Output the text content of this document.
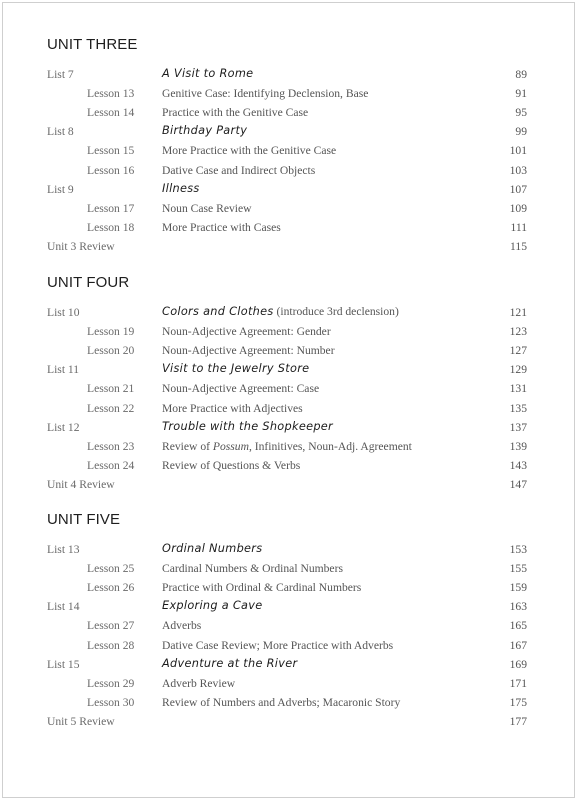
UNIT THREE
List 7	A Visit to Rome	89
Lesson 13 Genitive Case: Identifying Declension, Base	91
Lesson 14 Practice with the Genitive Case	95
List 8	Birthday Party	99
Lesson 15 More Practice with the Genitive Case	101
Lesson 16 Dative Case and Indirect Objects	103
List 9	Illness	107
Lesson 17 Noun Case Review	109
Lesson 18 More Practice with Cases	111
Unit 3 Review	115
UNIT FOUR
List 10	Colors and Clothes (introduce 3rd declension)	121
Lesson 19 Noun-Adjective Agreement: Gender	123
Lesson 20 Noun-Adjective Agreement: Number	127
List 11	Visit to the Jewelry Store	129
Lesson 21 Noun-Adjective Agreement: Case	131
Lesson 22 More Practice with Adjectives	135
List 12	Trouble with the Shopkeeper	137
Lesson 23 Review of Possum, Infinitives, Noun-Adj. Agreement	139
Lesson 24 Review of Questions & Verbs	143
Unit 4 Review	147
UNIT FIVE
List 13	Ordinal Numbers	153
Lesson 25 Cardinal Numbers & Ordinal Numbers	155
Lesson 26 Practice with Ordinal & Cardinal Numbers	159
List 14	Exploring a Cave	163
Lesson 27 Adverbs	165
Lesson 28 Dative Case Review; More Practice with Adverbs	167
List 15	Adventure at the River	169
Lesson 29 Adverb Review	171
Lesson 30 Review of Numbers and Adverbs; Macaronic Story	175
Unit 5 Review	177
